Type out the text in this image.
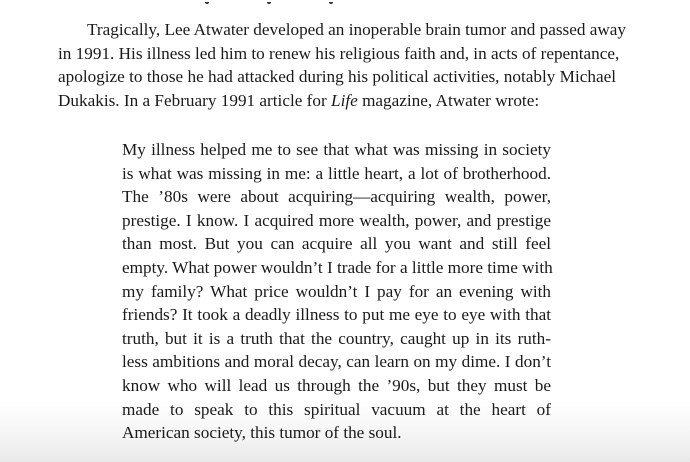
Tragically, Lee Atwater developed an inoperable brain tumor and passed away
in 1991. His illness led him to renew his religious faith and, in acts of repentance,
apologize to those he had attacked during his political activities, notably Michael
Dukakis. In a February 1991 article for Life magazine, Atwater wrote:
My illness helped me to see that what was missing in society
is what was missing in me: a little heart, a lot of brotherhood.
The ’80s were about acquiring—acquiring wealth, power,
prestige. I know. I acquired more wealth, power, and prestige
than most. But you can acquire all you want and still feel
empty. What power wouldn’t I trade for a little more time with
my family? What price wouldn’t I pay for an evening with
friends? It took a deadly illness to put me eye to eye with that
truth, but it is a truth that the country, caught up in its ruth-
less ambitions and moral decay, can learn on my dime. I don’t
know who will lead us through the ’90s, but they must be
made to speak to this spiritual vacuum at the heart of
American society, this tumor of the soul.
